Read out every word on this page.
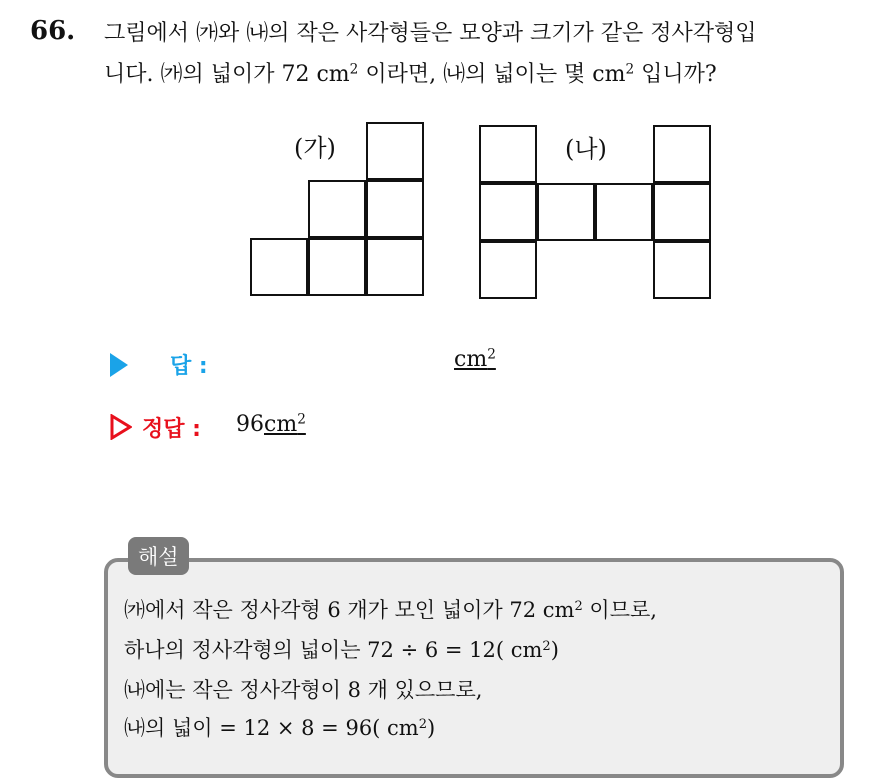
66. 그림에서 ㈎와 ㈏의 작은 사각형들은 모양과 크기가 같은 정사각형입
니다. ㈎의 넓이가 72 $cm^2$ 이라면, ㈏의 넓이는 몇 $cm^2$ 입니까?
(가)	(나)
답 :	$cm^2$
정답 : $96cm^2$
해설
㈎에서 작은 정사각형 6 개가 모인 넓이가 72 $cm^2$ 이므로,
하나의 정사각형의 넓이는 72 ÷ 6 = 12( $cm^2$)
㈏에는 작은 정사각형이 8 개 있으므로,
㈏의 넓이 = 12 × 8 = 96( $cm^2$)
